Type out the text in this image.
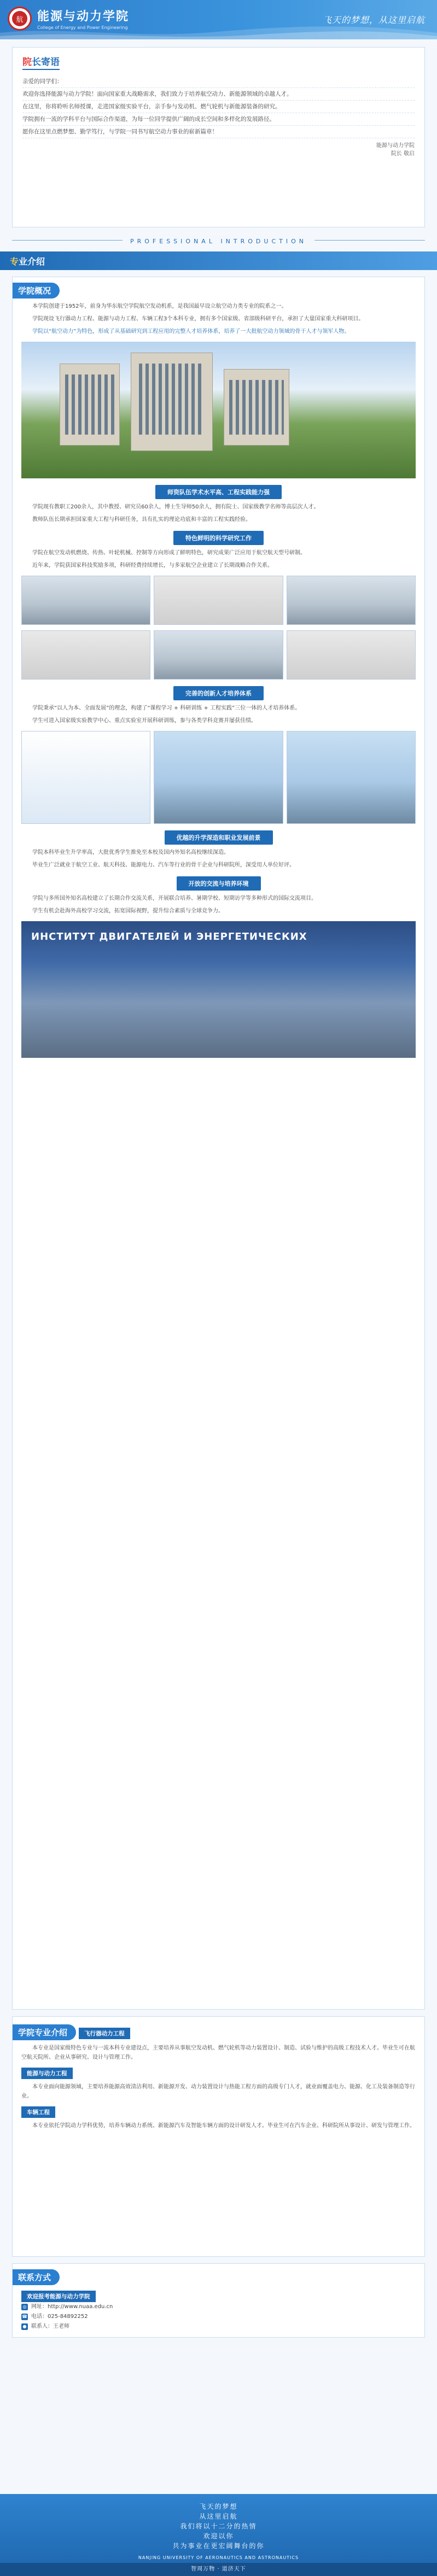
航	能源与动力学院
College of Energy and Power Engineering
飞天的梦想，从这里启航
院长寄语

亲爱的同学们：

欢迎你选择能源与动力学院！面向国家重大战略需求，我们致力于培养航空动力、新能源领域的卓越人才。

在这里，你将聆听名师授课，走进国家级实验平台，亲手参与发动机、燃气轮机与新能源装备的研究。

学院拥有一流的学科平台与国际合作渠道，为每一位同学提供广阔的成长空间和多样化的发展路径。

愿你在这里点燃梦想、勤学笃行，与学院一同书写航空动力事业的崭新篇章！

能源与动力学院
院长 敬启
PROFESSIONAL INTRODUCTION
专业介绍
学院概况

本学院创建于1952年，前身为华东航空学院航空发动机系，是我国最早设立航空动力类专业的院系之一。

学院现设飞行器动力工程、能源与动力工程、车辆工程3个本科专业，拥有多个国家级、省部级科研平台，承担了大量国家重大科研项目。

学院以“航空动力”为特色，形成了从基础研究到工程应用的完整人才培养体系，培养了一大批航空动力领域的骨干人才与领军人物。

师资队伍学术水平高、工程实践能力强

学院现有教职工200余人，其中教授、研究员60余人，博士生导师50余人，拥有院士、国家级教学名师等高层次人才。

教师队伍长期承担国家重大工程与科研任务，具有扎实的理论功底和丰富的工程实践经验。

特色鲜明的科学研究工作

学院在航空发动机燃烧、传热、叶轮机械、控制等方向形成了鲜明特色，研究成果广泛应用于航空航天型号研制。

近年来，学院获国家科技奖励多项，科研经费持续增长，与多家航空企业建立了长期战略合作关系。

完善的创新人才培养体系

学院秉承“以人为本、全面发展”的理念，构建了“课程学习 + 科研训练 + 工程实践”三位一体的人才培养体系。

学生可进入国家级实验教学中心、重点实验室开展科研训练，参与各类学科竞赛并屡获佳绩。

优越的升学深造和职业发展前景

学院本科毕业生升学率高，大批优秀学生推免至本校及国内外知名高校继续深造。

毕业生广泛就业于航空工业、航天科技、能源电力、汽车等行业的骨干企业与科研院所，深受用人单位好评。

开放的交流与培养环境

学院与多所国外知名高校建立了长期合作交流关系，开展联合培养、暑期学校、短期访学等多种形式的国际交流项目。

学生有机会赴海外高校学习交流，拓宽国际视野，提升综合素质与全球竞争力。

ИНСТИТУТ ДВИГАТЕЛЕЙ И ЭНЕРГЕТИЧЕСКИХ
学院专业介绍	飞行器动力工程

本专业是国家级特色专业与一流本科专业建设点，主要培养从事航空发动机、燃气轮机等动力装置设计、制造、试验与维护的高级工程技术人才。毕业生可在航空航天院所、企业从事研究、设计与管理工作。

能源与动力工程

本专业面向能源领域，主要培养能源高效清洁利用、新能源开发、动力装置设计与热能工程方面的高级专门人才，就业面覆盖电力、能源、化工及装备制造等行业。

车辆工程

本专业依托学院动力学科优势，培养车辆动力系统、新能源汽车及智能车辆方面的设计研发人才。毕业生可在汽车企业、科研院所从事设计、研发与管理工作。

联系方式
欢迎报考能源与动力学院
◎ 网址： http://www.nuaa.edu.cn
☎ 电话： 025-84892252
● 联系人： 王老师
飞天的梦想
从这里启航
我们将以十二分的热情
欢迎以你
共为事业在更宏阔舞台的你
NANJING UNIVERSITY OF AERONAUTICS AND ASTRONAUTICS
智周万物 · 道济天下
